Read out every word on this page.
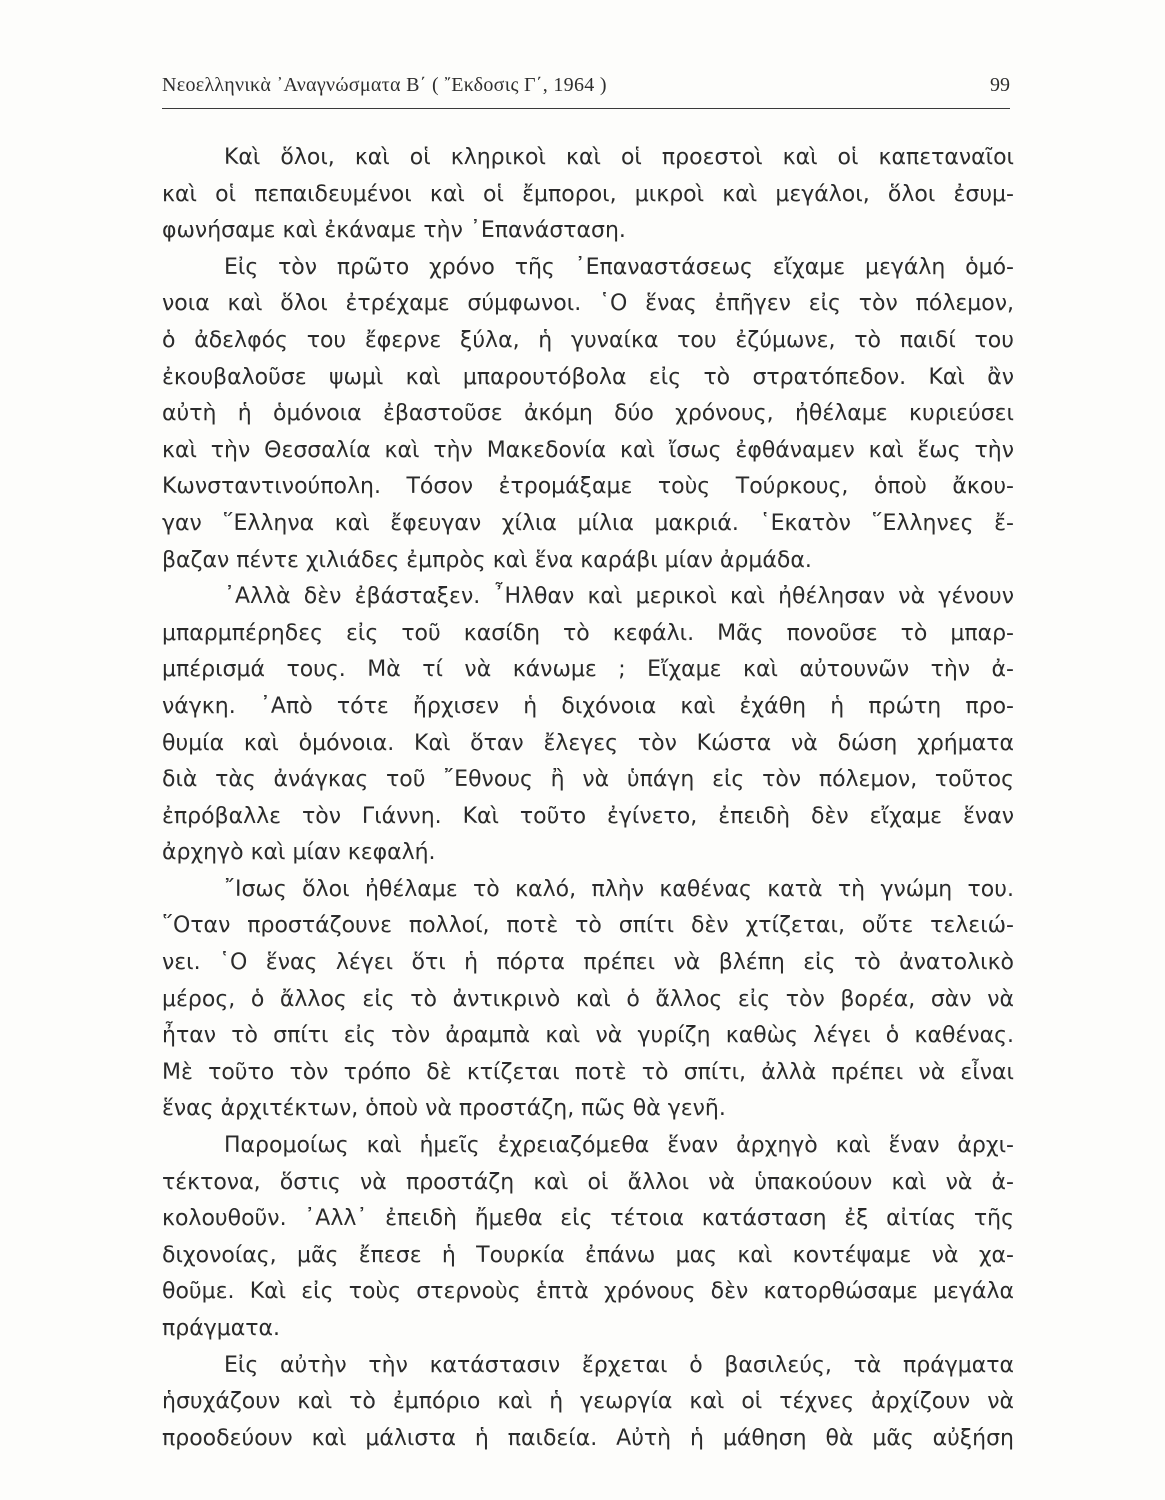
Νεοελληνικὰ ᾿Αναγνώσματα Β΄ ( ῎Εκδοσις Γ΄, 1964 )	99
Καὶ ὅλοι, καὶ οἱ κληρικοὶ καὶ οἱ προεστοὶ καὶ οἱ καπεταναῖοι
καὶ οἱ πεπαιδευμένοι καὶ οἱ ἔμποροι, μικροὶ καὶ μεγάλοι, ὅλοι ἐσυμ-
φωνήσαμε καὶ ἐκάναμε τὴν ᾿Επανάσταση.
Εἰς τὸν πρῶτο χρόνο τῆς ᾿Επαναστάσεως εἴχαμε μεγάλη ὁμό-
νοια καὶ ὅλοι ἐτρέχαμε σύμφωνοι. ῾Ο ἕνας ἐπῆγεν εἰς τὸν πόλεμον,
ὁ ἀδελφός του ἔφερνε ξύλα, ἡ γυναίκα του ἐζύμωνε, τὸ παιδί του
ἐκουβαλοῦσε ψωμὶ καὶ μπαρουτόβολα εἰς τὸ στρατόπεδον. Καὶ ἂν
αὐτὴ ἡ ὁμόνοια ἐβαστοῦσε ἀκόμη δύο χρόνους, ἠθέλαμε κυριεύσει
καὶ τὴν Θεσσαλία καὶ τὴν Μακεδονία καὶ ἴσως ἐφθάναμεν καὶ ἕως τὴν
Κωνσταντινούπολη. Τόσον ἐτρομάξαμε τοὺς Τούρκους, ὁποὺ ἄκου-
γαν ῞Ελληνα καὶ ἔφευγαν χίλια μίλια μακριά. ῾Εκατὸν ῞Ελληνες ἔ-
βαζαν πέντε χιλιάδες ἐμπρὸς καὶ ἕνα καράβι μίαν ἀρμάδα.
᾿Αλλὰ δὲν ἐβάσταξεν. ῏Ηλθαν καὶ μερικοὶ καὶ ἠθέλησαν νὰ γένουν
μπαρμπέρηδες εἰς τοῦ κασίδη τὸ κεφάλι. Μᾶς πονοῦσε τὸ μπαρ-
μπέρισμά τους. Μὰ τί νὰ κάνωμε ; Εἴχαμε καὶ αὐτουνῶν τὴν ἀ-
νάγκη. ᾿Απὸ τότε ἤρχισεν ἡ διχόνοια καὶ ἐχάθη ἡ πρώτη προ-
θυμία καὶ ὁμόνοια. Καὶ ὅταν ἔλεγες τὸν Κώστα νὰ δώση χρήματα
διὰ τὰς ἀνάγκας τοῦ ῎Εθνους ἢ νὰ ὑπάγη εἰς τὸν πόλεμον, τοῦτος
ἐπρόβαλλε τὸν Γιάννη. Καὶ τοῦτο ἐγίνετο, ἐπειδὴ δὲν εἴχαμε ἕναν
ἀρχηγὸ καὶ μίαν κεφαλή.
῎Ισως ὅλοι ἠθέλαμε τὸ καλό, πλὴν καθένας κατὰ τὴ γνώμη του.
῞Οταν προστάζουνε πολλοί, ποτὲ τὸ σπίτι δὲν χτίζεται, οὔτε τελειώ-
νει. ῾Ο ἕνας λέγει ὅτι ἡ πόρτα πρέπει νὰ βλέπη εἰς τὸ ἀνατολικὸ
μέρος, ὁ ἄλλος εἰς τὸ ἀντικρινὸ καὶ ὁ ἄλλος εἰς τὸν βορέα, σὰν νὰ
ἦταν τὸ σπίτι εἰς τὸν ἀραμπὰ καὶ νὰ γυρίζη καθὼς λέγει ὁ καθένας.
Μὲ τοῦτο τὸν τρόπο δὲ κτίζεται ποτὲ τὸ σπίτι, ἀλλὰ πρέπει νὰ εἶναι
ἕνας ἀρχιτέκτων, ὁποὺ νὰ προστάζη, πῶς θὰ γενῆ.
Παρομοίως καὶ ἡμεῖς ἐχρειαζόμεθα ἕναν ἀρχηγὸ καὶ ἕναν ἀρχι-
τέκτονα, ὅστις νὰ προστάζη καὶ οἱ ἄλλοι νὰ ὑπακούουν καὶ νὰ ἀ-
κολουθοῦν. ᾿Αλλ᾿ ἐπειδὴ ἤμεθα εἰς τέτοια κατάσταση ἐξ αἰτίας τῆς
διχονοίας, μᾶς ἔπεσε ἡ Τουρκία ἐπάνω μας καὶ κοντέψαμε νὰ χα-
θοῦμε. Καὶ εἰς τοὺς στερνοὺς ἑπτὰ χρόνους δὲν κατορθώσαμε μεγάλα
πράγματα.
Εἰς αὐτὴν τὴν κατάστασιν ἔρχεται ὁ βασιλεύς, τὰ πράγματα
ἡσυχάζουν καὶ τὸ ἐμπόριο καὶ ἡ γεωργία καὶ οἱ τέχνες ἀρχίζουν νὰ
προοδεύουν καὶ μάλιστα ἡ παιδεία. Αὐτὴ ἡ μάθηση θὰ μᾶς αὐξήση
